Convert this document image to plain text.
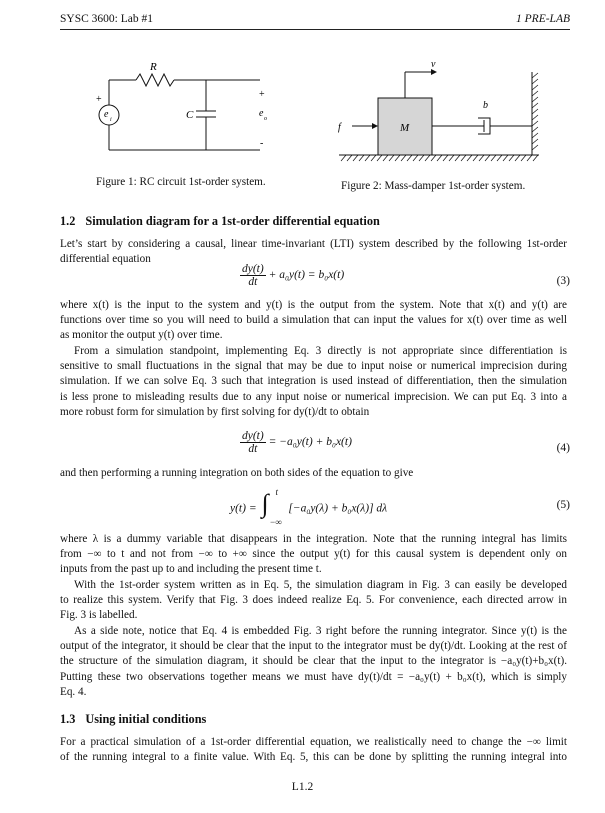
SYSC 3600: Lab #1	1 PRE-LAB
R
C
e i
+	+
e o
-
Figure 1: RC circuit 1st-order system.
M
v
f
b
Figure 2: Mass-damper 1st-order system.
1.2 Simulation diagram for a 1st-order differential equation
Let’s start by considering a causal, linear time-invariant (LTI) system described by the following 1st-order
differential equation
$\frac{dy(t)}{dt} + a_0y(t) = b_0x(t)$	(3)
where x(t) is the input to the system and y(t) is the output from the system. Note that x(t) and y(t) are
functions over time so you will need to build a simulation that can input the values for x(t) over time as well
as monitor the output y(t) over time.
From a simulation standpoint, implementing Eq. 3 directly is not appropriate since differentiation is
sensitive to small fluctuations in the signal that may be due to input noise or numerical imprecision during
simulation. If we can solve Eq. 3 such that integration is used instead of differentiation, then the simulation
is less prone to misleading results due to any input noise or numerical imprecision. We can put Eq. 3 into a
more robust form for simulation by first solving for dy(t)/dt to obtain
$\frac{dy(t)}{dt} = -a_0y(t) + b_0x(t)$	(4)
and then performing a running integration on both sides of the equation to give
y(t) = ∫ t
−∞
[−a₀y(λ) + b₀x(λ)] dλ	(5)
where λ is a dummy variable that disappears in the integration. Note that the running integral has limits
from −∞ to t and not from −∞ to +∞ since the output y(t) for this causal system is dependent only on
inputs from the past up to and including the present time t.
With the 1st-order system written as in Eq. 5, the simulation diagram in Fig. 3 can easily be developed
to realize this system. Verify that Fig. 3 does indeed realize Eq. 5. For convenience, each directed arrow in
Fig. 3 is labelled.
As a side note, notice that Eq. 4 is embedded Fig. 3 right before the running integrator. Since y(t) is the
output of the integrator, it should be clear that the input to the integrator must be dy(t)/dt. Looking at the rest of
the structure of the simulation diagram, it should be clear that the input to the integrator is −a₀y(t)+b₀x(t).
Putting these two observations together means we must have dy(t)/dt = −a₀y(t) + b₀x(t), which is simply
Eq. 4.
1.3 Using initial conditions
For a practical simulation of a 1st-order differential equation, we realistically need to change the −∞ limit
of the running integral to a finite value. With Eq. 5, this can be done by splitting the running integral into
L1.2
